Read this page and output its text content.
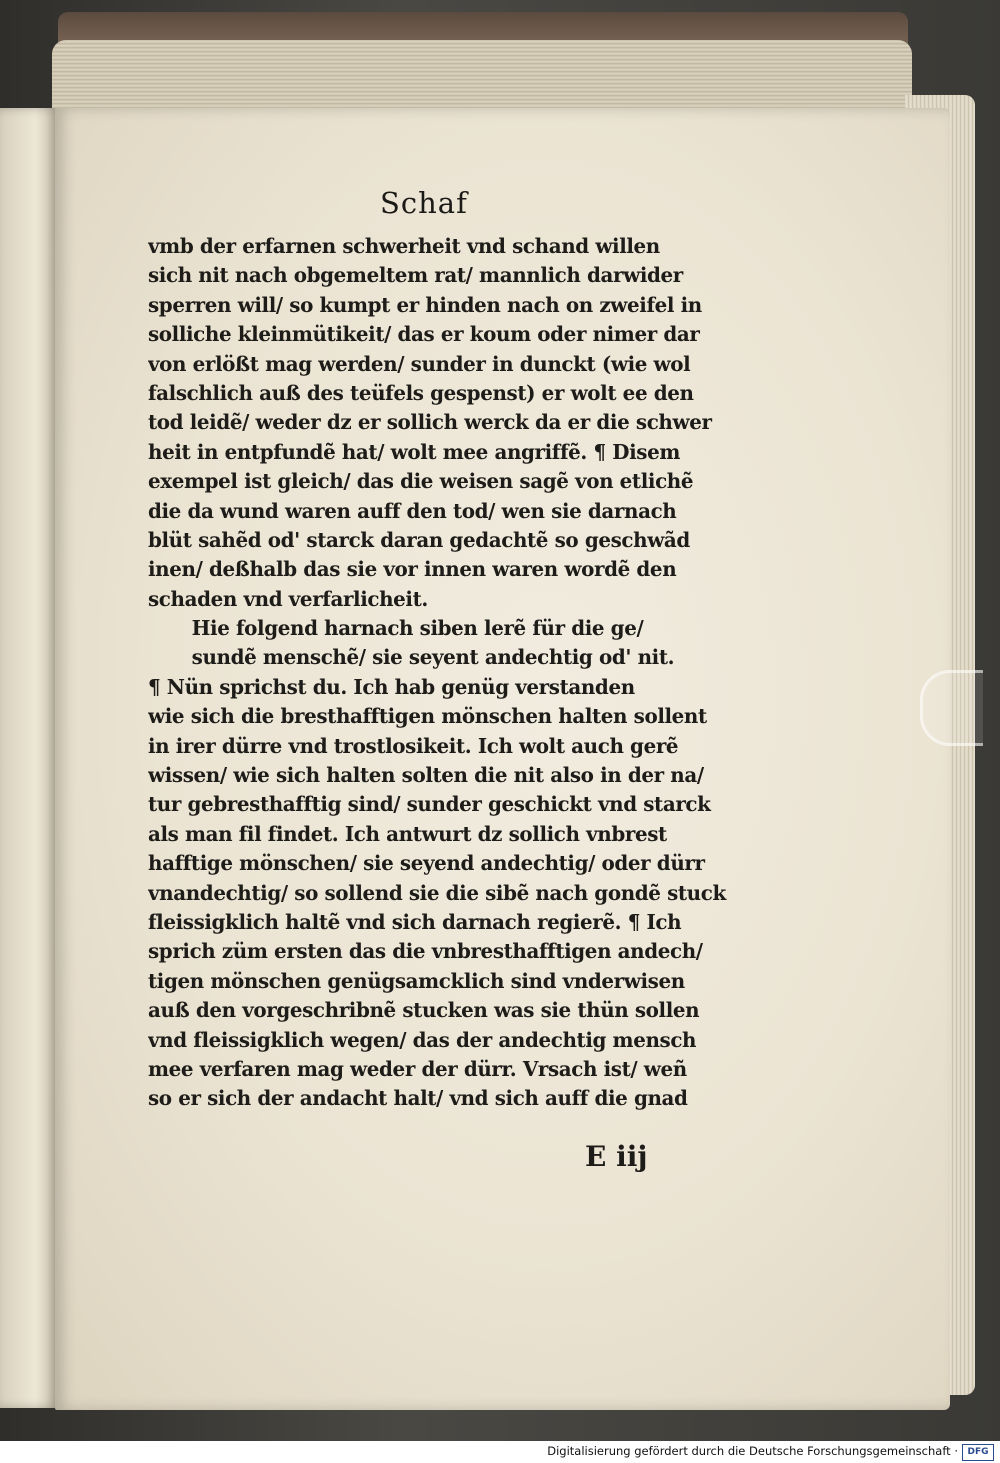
Schaf
vmb der erfarnen schwerheit vnd schand willen
sich nit nach obgemeltem rat/ mannlich darwider
sperren will/ so kumpt er hinden nach on zweifel in
solliche kleinmütikeit/ das er koum oder nimer dar
von erlößt mag werden/ sunder in dunckt (wie wol
falschlich auß des teüfels gespenst) er wolt ee den
tod leidẽ/ weder dz er sollich werck da er die schwer
heit in entpfundẽ hat/ wolt mee angriffẽ. ¶ Disem
exempel ist gleich/ das die weisen sagẽ von etlichẽ
die da wund waren auff den tod/ wen sie darnach
blüt sahẽd od' starck daran gedachtẽ so geschwãd
inen/ deßhalb das sie vor innen waren wordẽ den
schaden vnd verfarlicheit.
Hie folgend harnach siben lerẽ für die ge/
sundẽ menschẽ/ sie seyent andechtig od' nit.
¶ Nün sprichst du. Ich hab genüg verstanden
wie sich die bresthafftigen mönschen halten sollent
in irer dürre vnd trostlosikeit. Ich wolt auch gerẽ
wissen/ wie sich halten solten die nit also in der na/
tur gebresthafftig sind/ sunder geschickt vnd starck
als man fil findet. Ich antwurt dz sollich vnbrest
hafftige mönschen/ sie seyend andechtig/ oder dürr
vnandechtig/ so sollend sie die sibẽ nach gondẽ stuck
fleissigklich haltẽ vnd sich darnach regierẽ. ¶ Ich
sprich züm ersten das die vnbresthafftigen andech/
tigen mönschen genügsamcklich sind vnderwisen
auß den vorgeschribnẽ stucken was sie thün sollen
vnd fleissigklich wegen/ das der andechtig mensch
mee verfaren mag weder der dürr. Vrsach ist/ weñ
so er sich der andacht halt/ vnd sich auff die gnad
E iij
Digitalisierung gefördert durch die Deutsche Forschungsgemeinschaft ·	DFG
